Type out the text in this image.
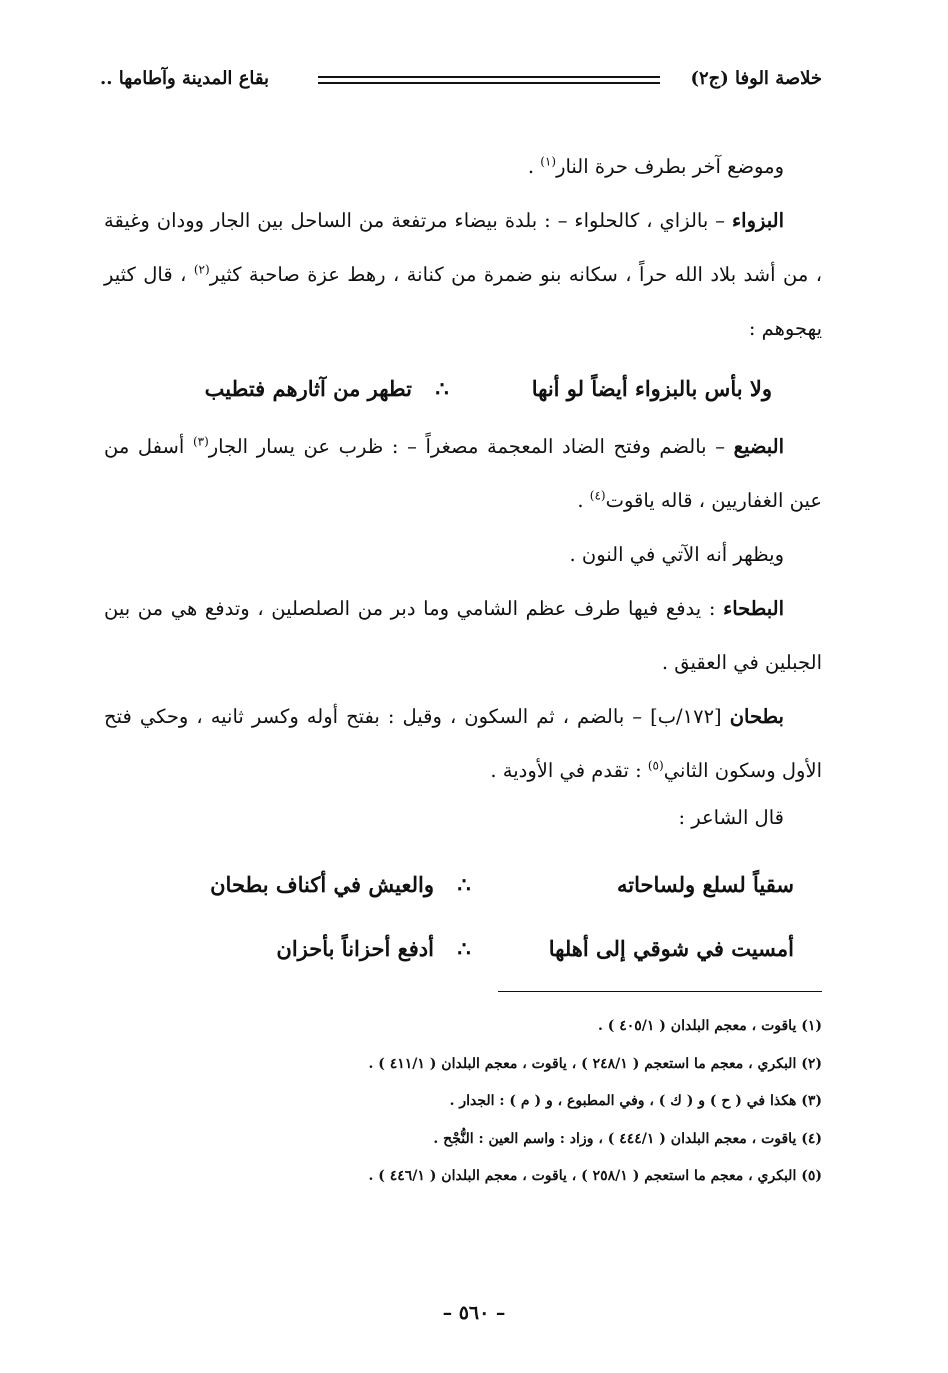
خلاصة الوفا (ج٢)
بقاع المدينة وآطامها ..

وموضع آخر بطرف حرة النار$^{(١)}$ .

البزواء – بالزاي ، كالحلواء – : بلدة بيضاء مرتفعة من الساحل بين الجار وودان وغيقة ، من أشد بلاد الله حراً ، سكانه بنو ضمرة من كنانة ، رهط عزة صاحبة كثير$^{(٢)}$ ، قال كثير يهجوهم :

ولا بأس بالبزواء أيضاً لو أنها
∴
تطهر من آثارهم فتطيب

البضيع – بالضم وفتح الضاد المعجمة مصغراً – : ظرب عن يسار الجار$^{(٣)}$ أسفل من عين الغفاريين ، قاله ياقوت$^{(٤)}$ .

ويظهر أنه الآتي في النون .

البطحاء : يدفع فيها طرف عظم الشامي وما دبر من الصلصلين ، وتدفع هي من بين الجبلين في العقيق .

بطحان [١٧٢/ب] – بالضم ، ثم السكون ، وقيل : بفتح أوله وكسر ثانيه ، وحكي فتح الأول وسكون الثاني$^{(٥)}$ : تقدم في الأودية .

قال الشاعر :

سقياً لسلع ولساحاته
∴
والعيش في أكناف بطحان
أمسيت في شوقي إلى أهلها
∴
أدفع أحزاناً بأحزان
(١) ياقوت ، معجم البلدان ( ٤٠٥/١ ) .
(٢) البكري ، معجم ما استعجم ( ٢٤٨/١ ) ، ياقوت ، معجم البلدان ( ٤١١/١ ) .
(٣) هكذا في ( ح ) و ( ك ) ، وفي المطبوع ، و ( م ) : الجدار .
(٤) ياقوت ، معجم البلدان ( ٤٤٤/١ ) ، وزاد : واسم العين : النُّجْح .
(٥) البكري ، معجم ما استعجم ( ٢٥٨/١ ) ، ياقوت ، معجم البلدان ( ٤٤٦/١ ) .
– ٥٦٠ –
